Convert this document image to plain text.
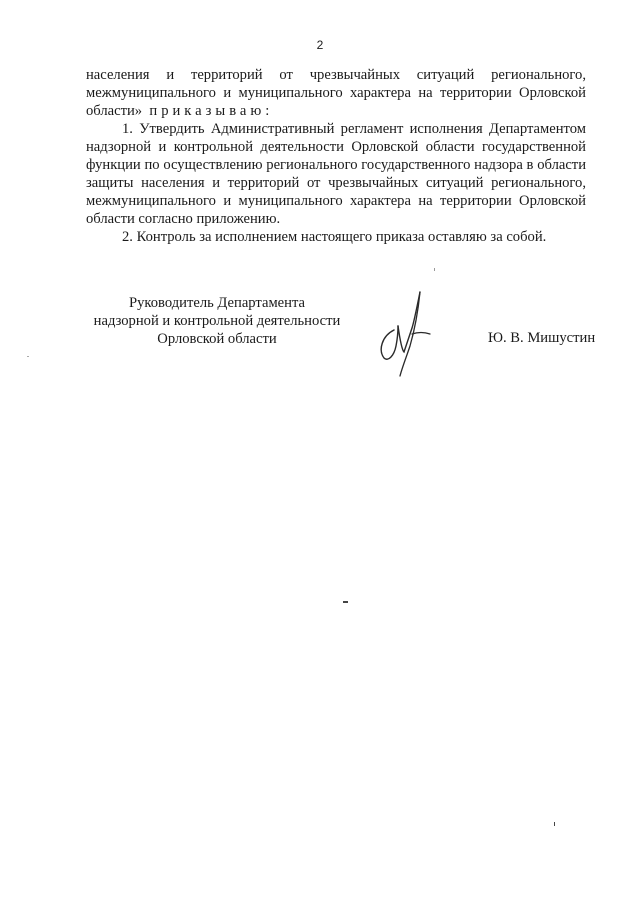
2

населения и территорий от чрезвычайных ситуаций регионального, межмуниципального и муниципального характера на территории Орловской области» приказываю:

1. Утвердить Административный регламент исполнения Департаментом надзорной и контрольной деятельности Орловской области государственной функции по осуществлению регионального государственного надзора в области защиты населения и территорий от чрезвычайных ситуаций регионального, межмуниципального и муниципального характера на территории Орловской области согласно приложению.

2. Контроль за исполнением настоящего приказа оставляю за собой.

Руководитель Департамента
надзорной и контрольной деятельности
Орловской области	Ю. В. Мишустин
